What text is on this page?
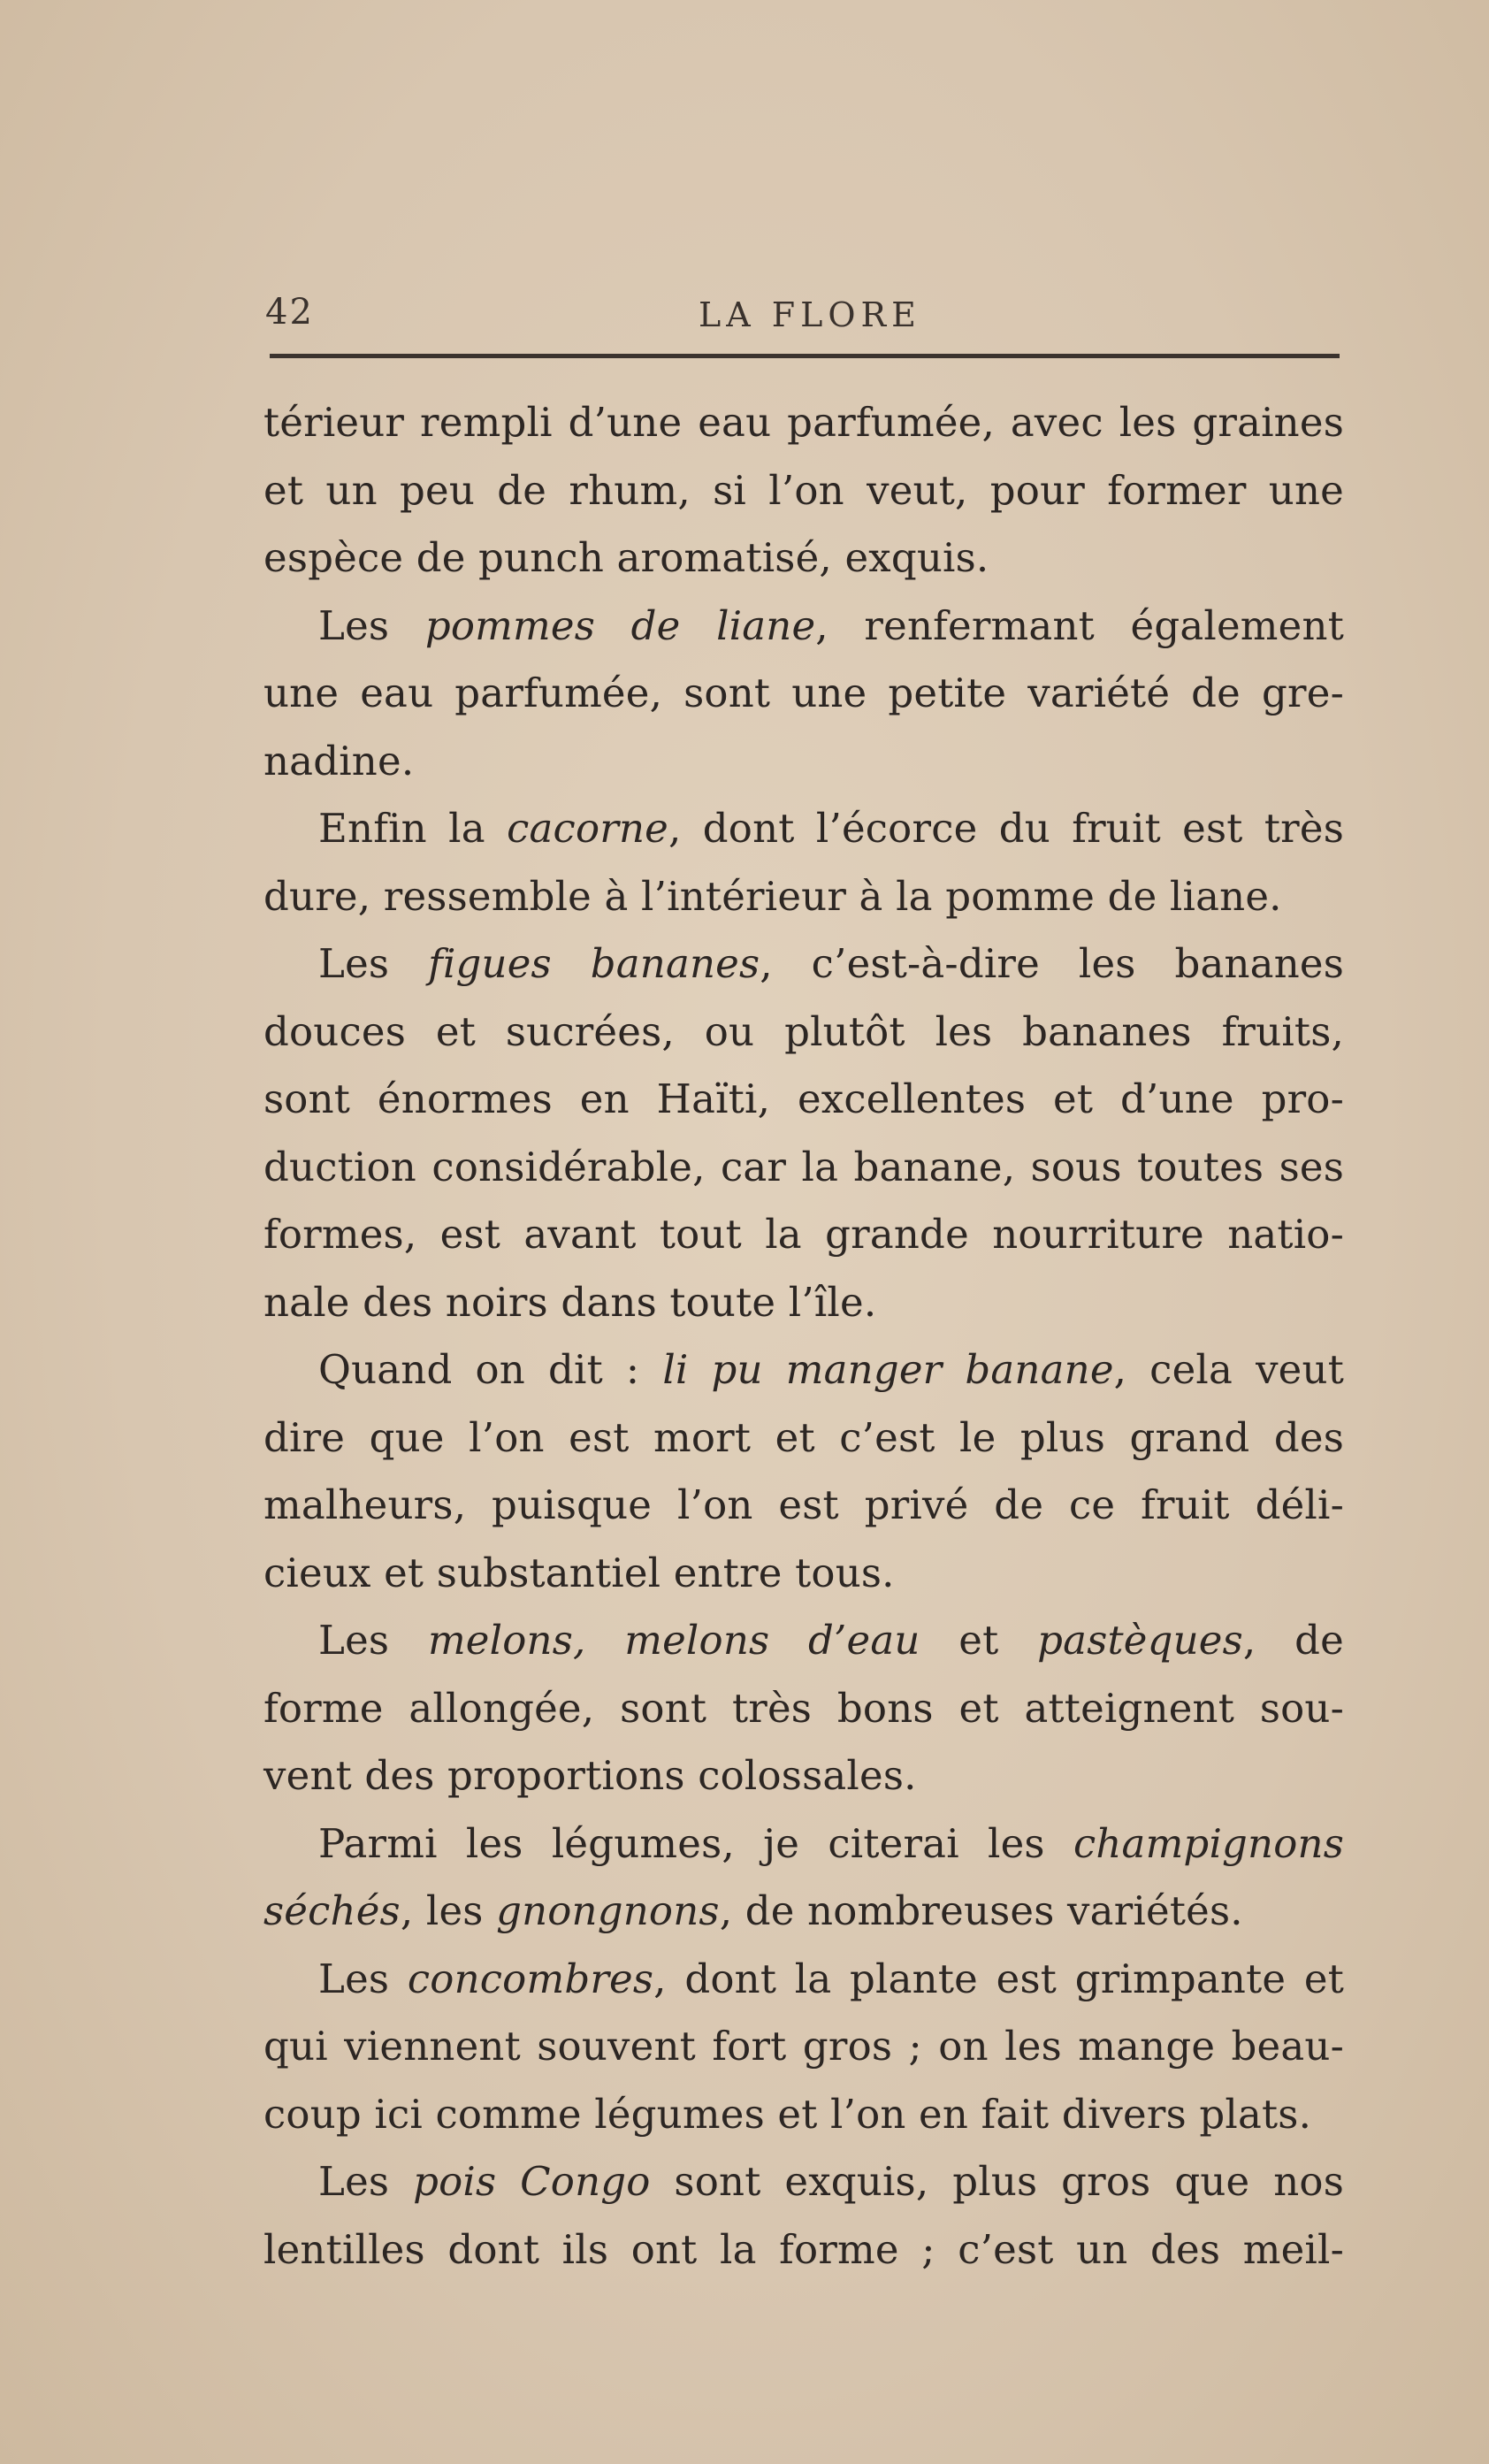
42	LA FLORE
térieur rempli d’une eau parfumée, avec les graines
et un peu de rhum, si l’on veut, pour former une
espèce de punch aromatisé, exquis.
Les pommes de liane, renfermant également
une eau parfumée, sont une petite variété de gre-
nadine.
Enfin la cacorne, dont l’écorce du fruit est très
dure, ressemble à l’intérieur à la pomme de liane.
Les figues bananes, c’est-à-dire les bananes
douces et sucrées, ou plutôt les bananes fruits,
sont énormes en Haïti, excellentes et d’une pro-
duction considérable, car la banane, sous toutes ses
formes, est avant tout la grande nourriture natio-
nale des noirs dans toute l’île.
Quand on dit : li pu manger banane, cela veut
dire que l’on est mort et c’est le plus grand des
malheurs, puisque l’on est privé de ce fruit déli-
cieux et substantiel entre tous.
Les melons, melons d’eau et pastèques, de
forme allongée, sont très bons et atteignent sou-
vent des proportions colossales.
Parmi les légumes, je citerai les champignons
séchés, les gnongnons, de nombreuses variétés.
Les concombres, dont la plante est grimpante et
qui viennent souvent fort gros ; on les mange beau-
coup ici comme légumes et l’on en fait divers plats.
Les pois Congo sont exquis, plus gros que nos
lentilles dont ils ont la forme ; c’est un des meil-
